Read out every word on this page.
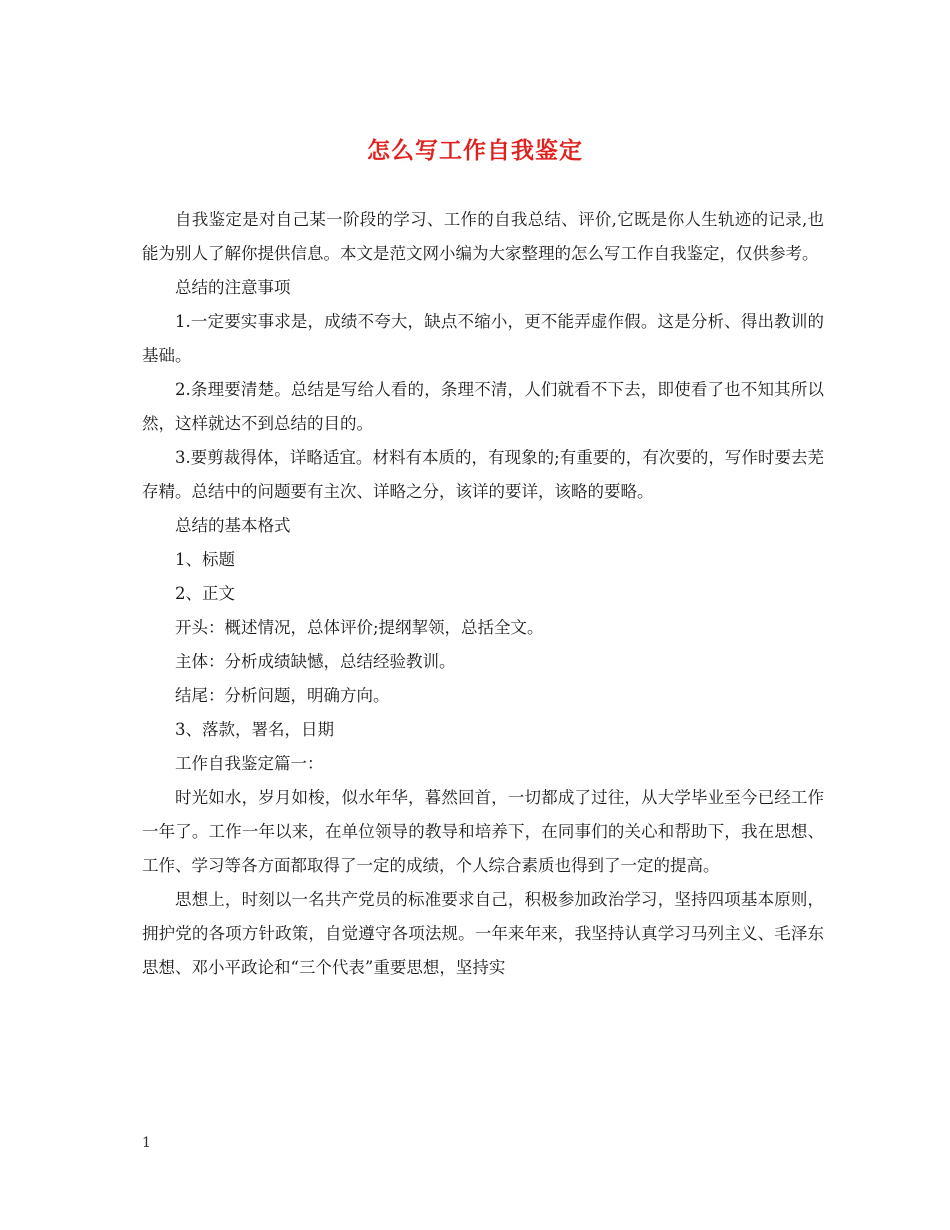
怎么写工作自我鉴定

自我鉴定是对自己某一阶段的学习、工作的自我总结、评价,它既是你人生轨迹的记录,也能为别人了解你提供信息。本文是范文网小编为大家整理的怎么写工作自我鉴定，仅供参考。

总结的注意事项

1.一定要实事求是，成绩不夸大，缺点不缩小，更不能弄虚作假。这是分析、得出教训的基础。

2.条理要清楚。总结是写给人看的，条理不清，人们就看不下去，即使看了也不知其所以然，这样就达不到总结的目的。

3.要剪裁得体，详略适宜。材料有本质的，有现象的;有重要的，有次要的，写作时要去芜存精。总结中的问题要有主次、详略之分，该详的要详，该略的要略。

总结的基本格式

1、标题

2、正文

开头：概述情况，总体评价;提纲挈领，总括全文。

主体：分析成绩缺憾，总结经验教训。

结尾：分析问题，明确方向。

3、落款，署名，日期

工作自我鉴定篇一：

时光如水，岁月如梭，似水年华，暮然回首，一切都成了过往，从大学毕业至今已经工作一年了。工作一年以来，在单位领导的教导和培养下，在同事们的关心和帮助下，我在思想、工作、学习等各方面都取得了一定的成绩，个人综合素质也得到了一定的提高。

思想上，时刻以一名共产党员的标准要求自己，积极参加政治学习，坚持四项基本原则，拥护党的各项方针政策，自觉遵守各项法规。一年来年来，我坚持认真学习马列主义、毛泽东思想、邓小平政论和“三个代表”重要思想，坚持实

1
